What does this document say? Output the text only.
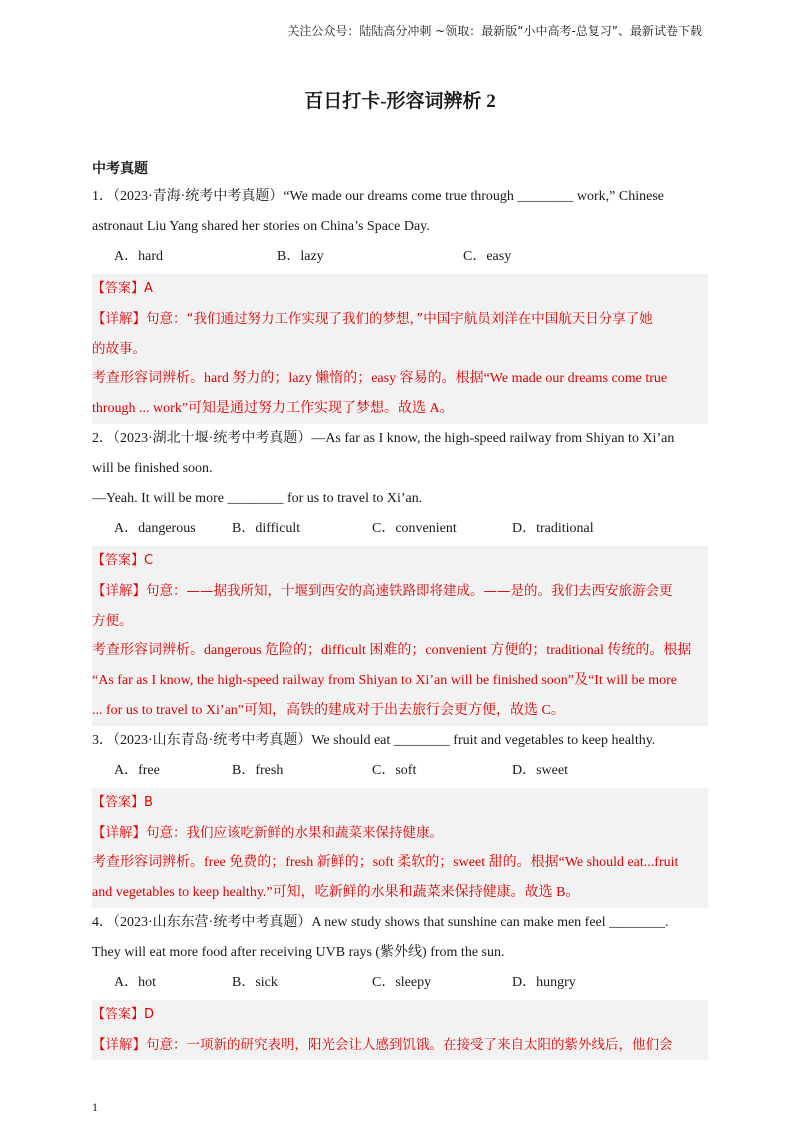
关注公众号：陆陆高分冲刺 ~领取：最新版“小中高考-总复习”、最新试卷下载
百日打卡-形容词辨析 2
中考真题
1．（2023·青海·统考中考真题）“We made our dreams come true through ________ work,” Chinese
astronaut Liu Yang shared her stories on China’s Space Day.
A．hard	B．lazy	C．easy
【答案】A
【详解】句意：“我们通过努力工作实现了我们的梦想，”中国宇航员刘洋在中国航天日分享了她
的故事。
考查形容词辨析。hard 努力的；lazy 懒惰的；easy 容易的。根据“We made our dreams come true
through ... work”可知是通过努力工作实现了梦想。故选 A。
2．（2023·湖北十堰·统考中考真题）—As far as I know, the high-speed railway from Shiyan to Xi’an
will be finished soon.
—Yeah. It will be more ________ for us to travel to Xi’an.
A．dangerous	B．difficult	C．convenient	D．traditional
【答案】C
【详解】句意：——据我所知，十堰到西安的高速铁路即将建成。——是的。我们去西安旅游会更
方便。
考查形容词辨析。dangerous 危险的；difficult 困难的；convenient 方便的；traditional 传统的。根据
“As far as I know, the high-speed railway from Shiyan to Xi’an will be finished soon”及“It will be more
... for us to travel to Xi’an”可知，高铁的建成对于出去旅行会更方便，故选 C。
3．（2023·山东青岛·统考中考真题）We should eat ________ fruit and vegetables to keep healthy.
A．free	B．fresh	C．soft	D．sweet
【答案】B
【详解】句意：我们应该吃新鲜的水果和蔬菜来保持健康。
考查形容词辨析。free 免费的；fresh 新鲜的；soft 柔软的；sweet 甜的。根据“We should eat...fruit
and vegetables to keep healthy.”可知，吃新鲜的水果和蔬菜来保持健康。故选 B。
4．（2023·山东东营·统考中考真题）A new study shows that sunshine can make men feel ________.
They will eat more food after receiving UVB rays (紫外线) from the sun.
A．hot	B．sick	C．sleepy	D．hungry
【答案】D
【详解】句意：一项新的研究表明，阳光会让人感到饥饿。在接受了来自太阳的紫外线后，他们会
1
